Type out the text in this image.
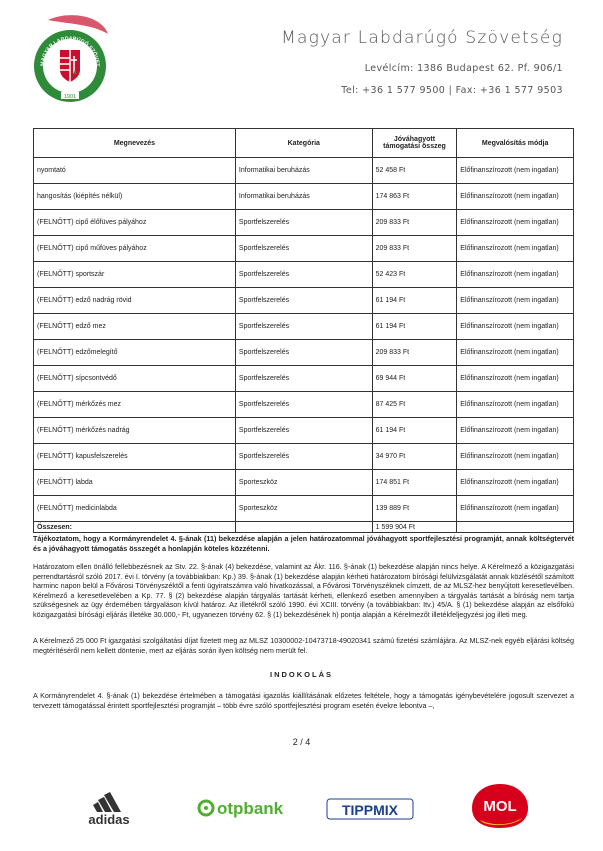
MAGYAR LABDARÚGÓ SZÖVET
1901
Magyar Labdarúgó Szövetség
Levélcím: 1386 Budapest 62. Pf. 906/1
Tel: +36 1 577 9500 | Fax: +36 1 577 9503
Megnevezés	Kategória	Jóváhagyott támogatási összeg	Megvalósítás módja
nyomtató	Informatikai beruházás	52 458 Ft	Előfinanszírozott (nem ingatlan)
hangosítás (kiépítés nélkül)	Informatikai beruházás	174 863 Ft	Előfinanszírozott (nem ingatlan)
(FELNŐTT) cipő élőfüves pályához	Sportfelszerelés	209 833 Ft	Előfinanszírozott (nem ingatlan)
(FELNŐTT) cipő műfüves pályához	Sportfelszerelés	209 833 Ft	Előfinanszírozott (nem ingatlan)
(FELNŐTT) sportszár	Sportfelszerelés	52 423 Ft	Előfinanszírozott (nem ingatlan)
(FELNŐTT) edző nadrág rövid	Sportfelszerelés	61 194 Ft	Előfinanszírozott (nem ingatlan)
(FELNŐTT) edző mez	Sportfelszerelés	61 194 Ft	Előfinanszírozott (nem ingatlan)
(FELNŐTT) edzőmelegítő	Sportfelszerelés	209 833 Ft	Előfinanszírozott (nem ingatlan)
(FELNŐTT) sípcsontvédő	Sportfelszerelés	69 944 Ft	Előfinanszírozott (nem ingatlan)
(FELNŐTT) mérkőzés mez	Sportfelszerelés	87 425 Ft	Előfinanszírozott (nem ingatlan)
(FELNŐTT) mérkőzés nadrág	Sportfelszerelés	61 194 Ft	Előfinanszírozott (nem ingatlan)
(FELNŐTT) kapusfelszerelés	Sportfelszerelés	34 970 Ft	Előfinanszírozott (nem ingatlan)
(FELNŐTT) labda	Sporteszköz	174 851 Ft	Előfinanszírozott (nem ingatlan)
(FELNŐTT) medicinlabda	Sporteszköz	139 889 Ft	Előfinanszírozott (nem ingatlan)
Összesen:		1 599 904 Ft	
Tájékoztatom, hogy a Kormányrendelet 4. §-ának (11) bekezdése alapján a jelen határozatommal jóváhagyott sportfejlesztési programját, annak költségtervét és a jóváhagyott támogatás összegét a honlapján köteles közzétenni.
Határozatom ellen önálló fellebbezésnek az Stv. 22. §-ának (4) bekezdése, valamint az Ákr. 116. §-ának (1) bekezdése alapján nincs helye. A Kérelmező a közigazgatási perrendtartásról szóló 2017. évi I. törvény (a továbbiakban: Kp.) 39. §-ának (1) bekezdése alapján kérheti határozatom bírósági felülvizsgálatát annak közlésétől számított harminc napon belül a Fővárosi Törvényszéktől a fenti ügyiratszámra való hivatkozással, a Fővárosi Törvényszéknek címzett, de az MLSZ-hez benyújtott keresetlevélben. Kérelmező a keresetlevelében a Kp. 77. § (2) bekezdése alapján tárgyalás tartását kérheti, ellenkező esetben amennyiben a tárgyalás tartását a bíróság nem tartja szükségesnek az ügy érdemében tárgyaláson kívül határoz. Az illetékről szóló 1990. évi XCIII. törvény (a továbbiakban: Itv.) 45/A. § (1) bekezdése alapján az elsőfokú közigazgatási bírósági eljárás illetéke 30.000,- Ft, ugyanezen törvény 62. § (1) bekezdésének h) pontja alapján a Kérelmezőt illetékfeljegyzési jog illeti meg.
A Kérelmező 25 000 Ft igazgatási szolgáltatási díjat fizetett meg az MLSZ 10300002-10473718-49020341 számú fizetési számlájára. Az MLSZ-nek egyéb eljárási költség megtérítéséről nem kellett döntenie, mert az eljárás során ilyen költség nem merült fel.
INDOKOLÁS
A Kormányrendelet 4. §-ának (1) bekezdése értelmében a támogatási igazolás kiállításának előzetes feltétele, hogy a támogatás igénybevételére jogosult szervezet a tervezett támogatással érintett sportfejlesztési programját – több évre szóló sportfejlesztési program esetén évekre lebontva –,
2 / 4
adidas
otpbank	TIPPMIX	MOL
